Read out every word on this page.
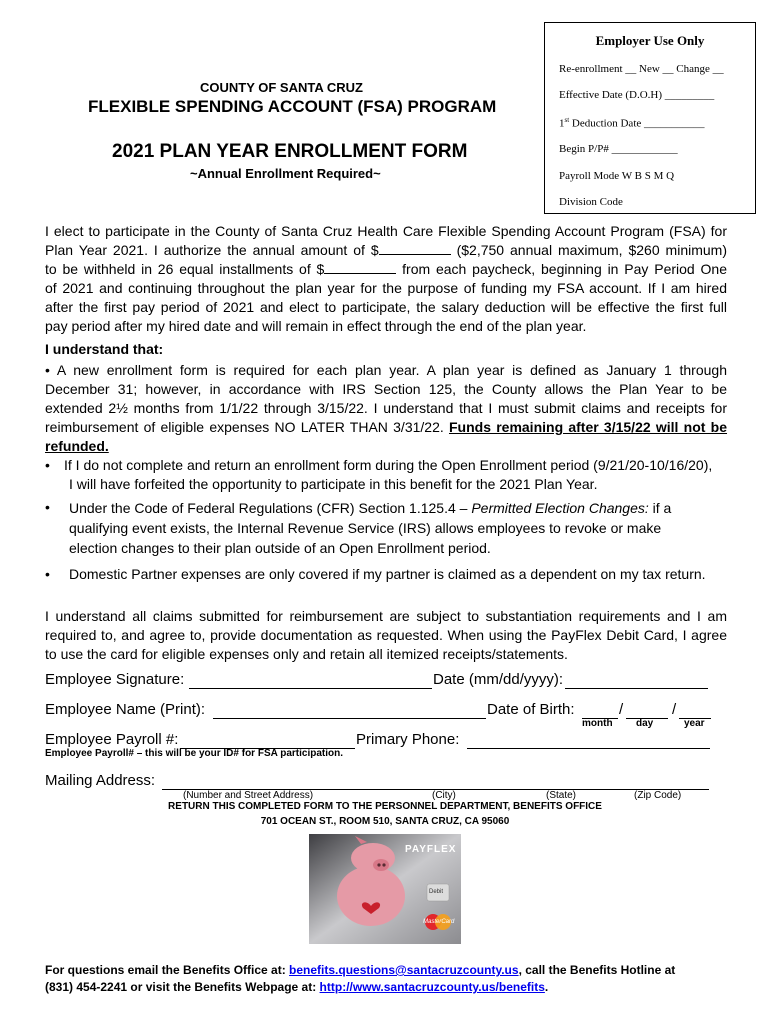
Employer Use Only
Re-enrollment __ New __ Change __
Effective Date (D.O.H) _________
1st Deduction Date ___________
Begin P/P# ____________
Payroll Mode W B S M Q
Division Code
COUNTY OF SANTA CRUZ
FLEXIBLE SPENDING ACCOUNT (FSA) PROGRAM
2021 PLAN YEAR ENROLLMENT FORM
~Annual Enrollment Required~
I elect to participate in the County of Santa Cruz Health Care Flexible Spending Account Program (FSA) for
Plan Year 2021. I authorize the annual amount of $	($2,750 annual maximum, $260 minimum)
to be withheld in 26 equal installments of $	from each paycheck, beginning in Pay Period One
of 2021 and continuing throughout the plan year for the purpose of funding my FSA account. If I am hired
after the first pay period of 2021 and elect to participate, the salary deduction will be effective the first full
pay period after my hired date and will remain in effect through the end of the plan year.
I understand that:
• A new enrollment form is required for each plan year. A plan year is defined as January 1 through
December 31; however, in accordance with IRS Section 125, the County allows the Plan Year to be
extended 2½ months from 1/1/22 through 3/15/22. I understand that I must submit claims and receipts for
reimbursement of eligible expenses NO LATER THAN 3/31/22. Funds remaining after 3/15/22 will not be
refunded.
• If I do not complete and return an enrollment form during the Open Enrollment period (9/21/20-10/16/20),
I will have forfeited the opportunity to participate in this benefit for the 2021 Plan Year.
• Under the Code of Federal Regulations (CFR) Section 1.125.4 – Permitted Election Changes: if a
qualifying event exists, the Internal Revenue Service (IRS) allows employees to revoke or make
election changes to their plan outside of an Open Enrollment period.
• Domestic Partner expenses are only covered if my partner is claimed as a dependent on my tax return.
I understand all claims submitted for reimbursement are subject to substantiation requirements and I am
required to, and agree to, provide documentation as requested. When using the PayFlex Debit Card, I agree
to use the card for eligible expenses only and retain all itemized receipts/statements.
Employee Signature:	Date (mm/dd/yyyy):
Employee Name (Print):	Date of Birth:	/	/
month day	year
Employee Payroll #:	Primary Phone:
Employee Payroll# – this will be your ID# for FSA participation.
Mailing Address:
(Number and Street Address)	(City)	(State)	(Zip Code)
RETURN THIS COMPLETED FORM TO THE PERSONNEL DEPARTMENT, BENEFITS OFFICE
701 OCEAN ST., ROOM 510, SANTA CRUZ, CA 95060
PAYFLEX
Debit
MasterCard
For questions email the Benefits Office at: benefits.questions@santacruzcounty.us, call the Benefits Hotline at
(831) 454-2241 or visit the Benefits Webpage at: http://www.santacruzcounty.us/benefits.
